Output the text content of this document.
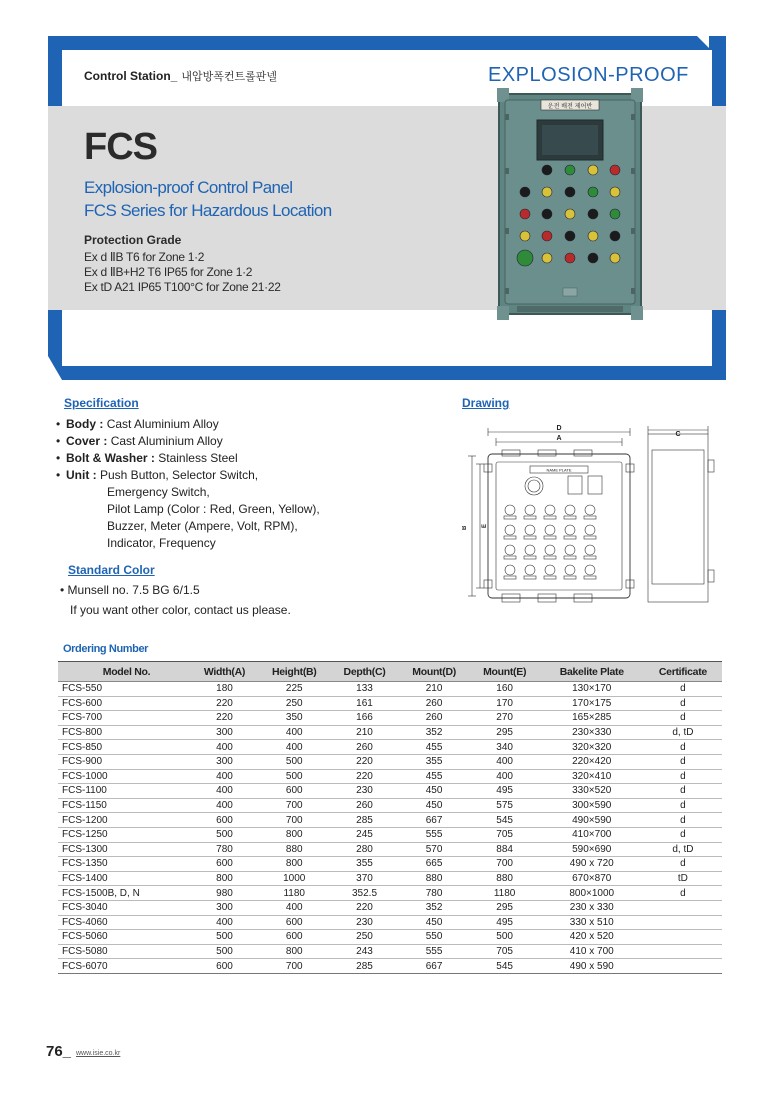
Control Station_ 내압방폭컨트롤판넬	EXPLOSION-PROOF
FCS
Explosion-proof Control Panel
FCS Series for Hazardous Location
Protection Grade
Ex d ⅡB T6 for Zone 1·2
Ex d ⅡB+H2 T6 IP65 for Zone 1·2
Ex tD A21 IP65 T100°C for Zone 21·22
운전 배전 제어반
Specification
• Body : Cast Aluminium Alloy
• Cover : Cast Aluminium Alloy
• Bolt & Washer : Stainless Steel
• Unit : Push Button, Selector Switch,
Emergency Switch,
Pilot Lamp (Color : Red, Green, Yellow),
Buzzer, Meter (Ampere, Volt, RPM),
Indicator, Frequency
Standard Color
• Munsell no. 7.5 BG 6/1.5
If you want other color, contact us please.
Drawing
D
A
C
B E
NAME PLATE
Ordering Number
Model No.	Width(A)	Height(B)	Depth(C)	Mount(D)	Mount(E)	Bakelite Plate	Certificate
FCS-550	180	225	133	210	160	130×170	d
FCS-600	220	250	161	260	170	170×175	d
FCS-700	220	350	166	260	270	165×285	d
FCS-800	300	400	210	352	295	230×330	d, tD
FCS-850	400	400	260	455	340	320×320	d
FCS-900	300	500	220	355	400	220×420	d
FCS-1000	400	500	220	455	400	320×410	d
FCS-1100	400	600	230	450	495	330×520	d
FCS-1150	400	700	260	450	575	300×590	d
FCS-1200	600	700	285	667	545	490×590	d
FCS-1250	500	800	245	555	705	410×700	d
FCS-1300	780	880	280	570	884	590×690	d, tD
FCS-1350	600	800	355	665	700	490 x 720	d
FCS-1400	800	1000	370	880	880	670×870	tD
FCS-1500B, D, N	980	1180	352.5	780	1180	800×1000	d
FCS-3040	300	400	220	352	295	230 x 330	
FCS-4060	400	600	230	450	495	330 x 510	
FCS-5060	500	600	250	550	500	420 x 520	
FCS-5080	500	800	243	555	705	410 x 700	
FCS-6070	600	700	285	667	545	490 x 590	
76_ www.isie.co.kr
